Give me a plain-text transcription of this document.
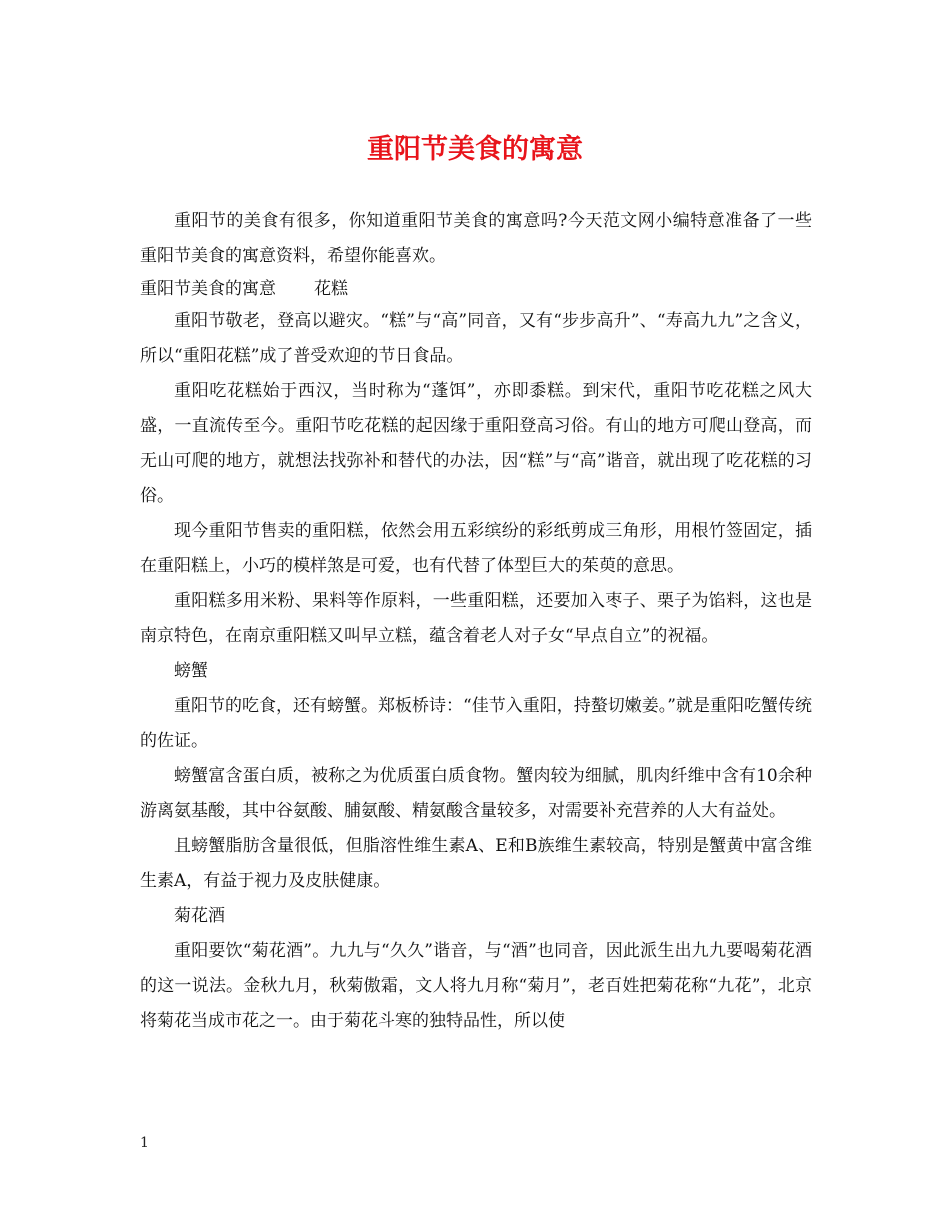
重阳节美食的寓意

重阳节的美食有很多，你知道重阳节美食的寓意吗?今天范文网小编特意准备了一些重阳节美食的寓意资料，希望你能喜欢。

重阳节美食的寓意 花糕

重阳节敬老，登高以避灾。“糕”与“高”同音，又有“步步高升”、“寿高九九”之含义，所以“重阳花糕”成了普受欢迎的节日食品。

重阳吃花糕始于西汉，当时称为“蓬饵”，亦即黍糕。到宋代，重阳节吃花糕之风大盛，一直流传至今。重阳节吃花糕的起因缘于重阳登高习俗。有山的地方可爬山登高，而无山可爬的地方，就想法找弥补和替代的办法，因“糕”与“高”谐音，就出现了吃花糕的习俗。

现今重阳节售卖的重阳糕，依然会用五彩缤纷的彩纸剪成三角形，用根竹签固定，插在重阳糕上，小巧的模样煞是可爱，也有代替了体型巨大的茱萸的意思。

重阳糕多用米粉、果料等作原料，一些重阳糕，还要加入枣子、栗子为馅料，这也是南京特色，在南京重阳糕又叫早立糕，蕴含着老人对子女“早点自立”的祝福。

螃蟹

重阳节的吃食，还有螃蟹。郑板桥诗：“佳节入重阳，持螯切嫩姜。”就是重阳吃蟹传统的佐证。

螃蟹富含蛋白质，被称之为优质蛋白质食物。蟹肉较为细腻，肌肉纤维中含有10余种游离氨基酸，其中谷氨酸、脯氨酸、精氨酸含量较多，对需要补充营养的人大有益处。

且螃蟹脂肪含量很低，但脂溶性维生素A、E和B族维生素较高，特别是蟹黄中富含维生素A，有益于视力及皮肤健康。

菊花酒

重阳要饮“菊花酒”。九九与“久久”谐音，与“酒”也同音，因此派生出九九要喝菊花酒的这一说法。金秋九月，秋菊傲霜，文人将九月称“菊月”，老百姓把菊花称“九花”，北京将菊花当成市花之一。由于菊花斗寒的独特品性，所以使

1
